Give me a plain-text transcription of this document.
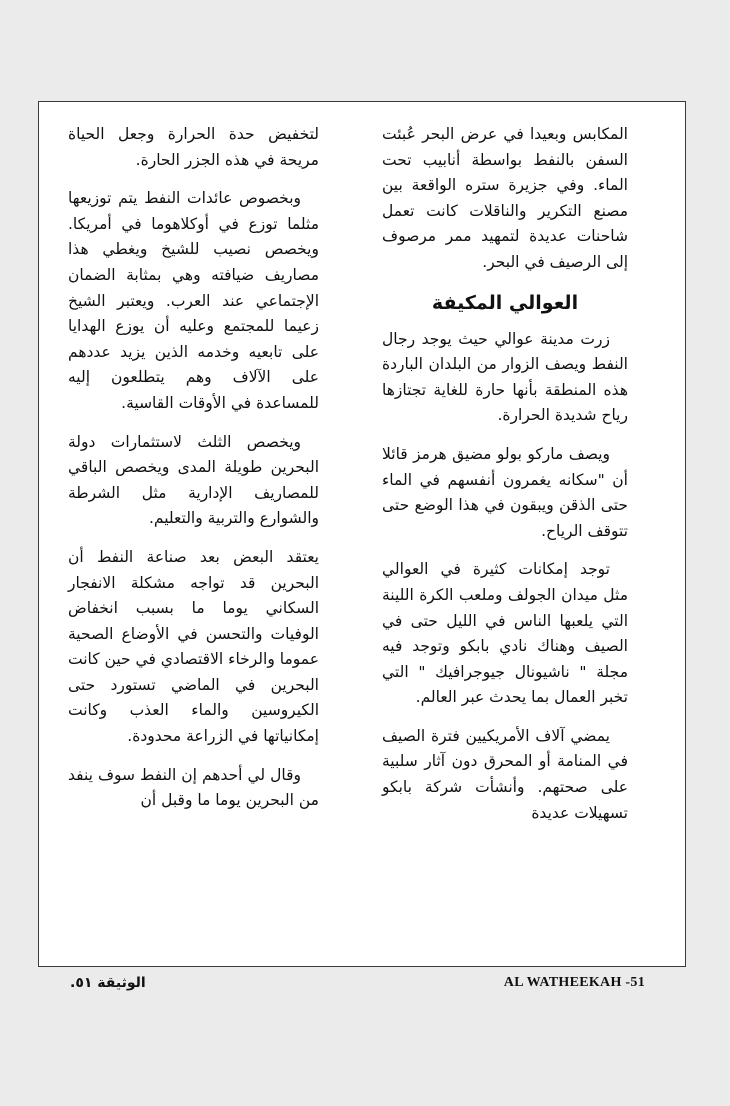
المكابس وبعيدا في عرض البحر عُبئت السفن بالنفط بواسطة أنابيب تحت الماء. وفي جزيرة ستره الواقعة بين مصنع التكرير والناقلات كانت تعمل شاحنات عديدة لتمهيد ممر مرصوف إلى الرصيف في البحر.

العوالي المكيفة

زرت مدينة عوالي حيث يوجد رجال النفط ويصف الزوار من البلدان الباردة هذه المنطقة بأنها حارة للغاية تجتازها رياح شديدة الحرارة.

ويصف ماركو بولو مضيق هرمز قائلا أن "سكانه يغمرون أنفسهم في الماء حتى الذقن ويبقون في هذا الوضع حتى تتوقف الرياح.

توجد إمكانات كثيرة في العوالي مثل ميدان الجولف وملعب الكرة اللينة التي يلعبها الناس في الليل حتى في الصيف وهناك نادي بابكو وتوجد فيه مجلة " ناشيونال جيوجرافيك " التي تخبر العمال بما يحدث عبر العالم.

يمضي آلاف الأمريكيين فترة الصيف في المنامة أو المحرق دون آثار سلبية على صحتهم. وأنشأت شركة بابكو تسهيلات عديدة

لتخفيض حدة الحرارة وجعل الحياة مريحة في هذه الجزر الحارة.

وبخصوص عائدات النفط يتم توزيعها مثلما توزع في أوكلاهوما في أمريكا. ويخصص نصيب للشيخ ويغطي هذا مصاريف ضيافته وهي بمثابة الضمان الإجتماعي عند العرب. ويعتبر الشيخ زعيما للمجتمع وعليه أن يوزع الهدايا على تابعيه وخدمه الذين يزيد عددهم على الآلاف وهم يتطلعون إليه للمساعدة في الأوقات القاسية.

ويخصص الثلث لاستثمارات دولة البحرين طويلة المدى ويخصص الباقي للمصاريف الإدارية مثل الشرطة والشوارع والتربية والتعليم.

يعتقد البعض بعد صناعة النفط أن البحرين قد تواجه مشكلة الانفجار السكاني يوما ما بسبب انخفاض الوفيات والتحسن في الأوضاع الصحية عموما والرخاء الاقتصادي في حين كانت البحرين في الماضي تستورد حتى الكيروسين والماء العذب وكانت إمكانياتها في الزراعة محدودة.

وقال لي أحدهم إن النفط سوف ينفد من البحرين يوما ما وقبل أن

الوثيقة ٥١.	AL WATHEEKAH -51
